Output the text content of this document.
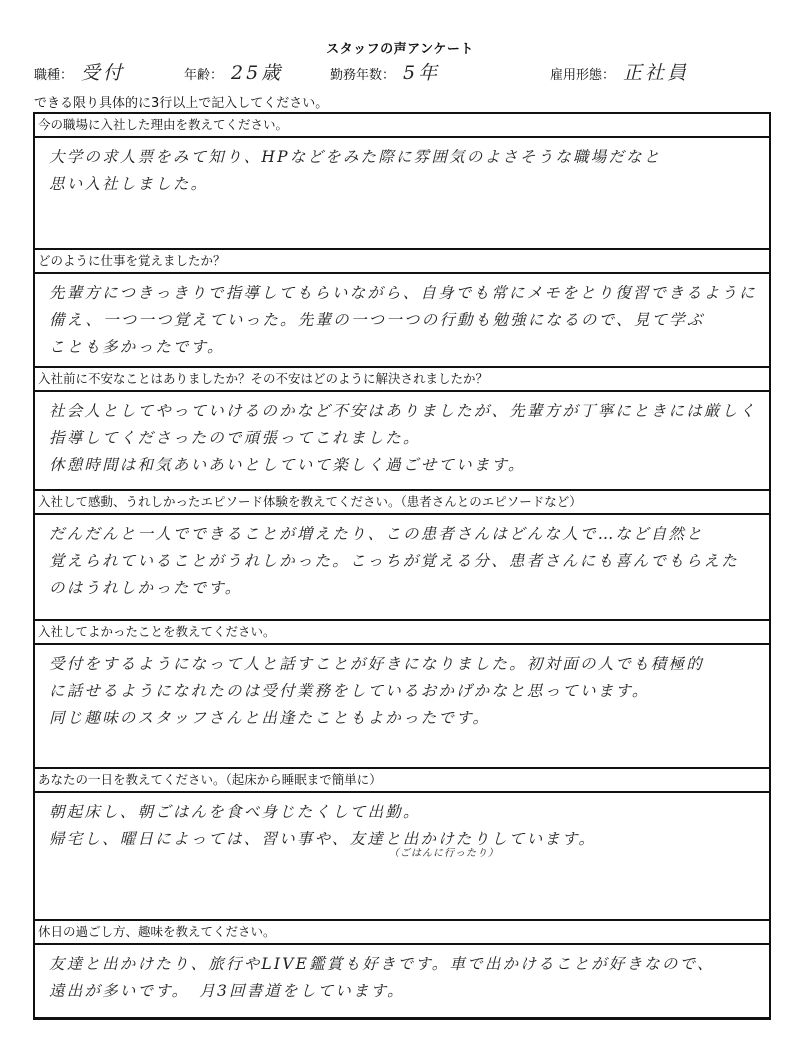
スタッフの声アンケート
職種： 受付	年齢： 25歳	勤務年数： 5年	雇用形態： 正社員
できる限り具体的に3行以上で記入してください。
今の職場に入社した理由を教えてください。
大学の求人票をみて知り、HPなどをみた際に雰囲気のよさそうな職場だなと
思い入社しました。
どのように仕事を覚えましたか？
先輩方につきっきりで指導してもらいながら、自身でも常にメモをとり復習できるように
備え、一つ一つ覚えていった。先輩の一つ一つの行動も勉強になるので、見て学ぶ
ことも多かったです。
入社前に不安なことはありましたか？その不安はどのように解決されましたか？
社会人としてやっていけるのかなど不安はありましたが、先輩方が丁寧にときには厳しく
指導してくださったので頑張ってこれました。
休憩時間は和気あいあいとしていて楽しく過ごせています。
入社して感動、うれしかったエピソード体験を教えてください。（患者さんとのエピソードなど）
だんだんと一人でできることが増えたり、この患者さんはどんな人で…など自然と
覚えられていることがうれしかった。こっちが覚える分、患者さんにも喜んでもらえた
のはうれしかったです。
入社してよかったことを教えてください。
受付をするようになって人と話すことが好きになりました。初対面の人でも積極的
に話せるようになれたのは受付業務をしているおかげかなと思っています。
同じ趣味のスタッフさんと出逢たこともよかったです。
あなたの一日を教えてください。（起床から睡眠まで簡単に）
朝起床し、朝ごはんを食べ身じたくして出勤。
帰宅し、曜日によっては、習い事や、友達と出かけたりしています。
（ごはんに行ったり）
休日の過ごし方、趣味を教えてください。
友達と出かけたり、旅行やLIVE鑑賞も好きです。車で出かけることが好きなので、
遠出が多いです。　月3回書道をしています。
